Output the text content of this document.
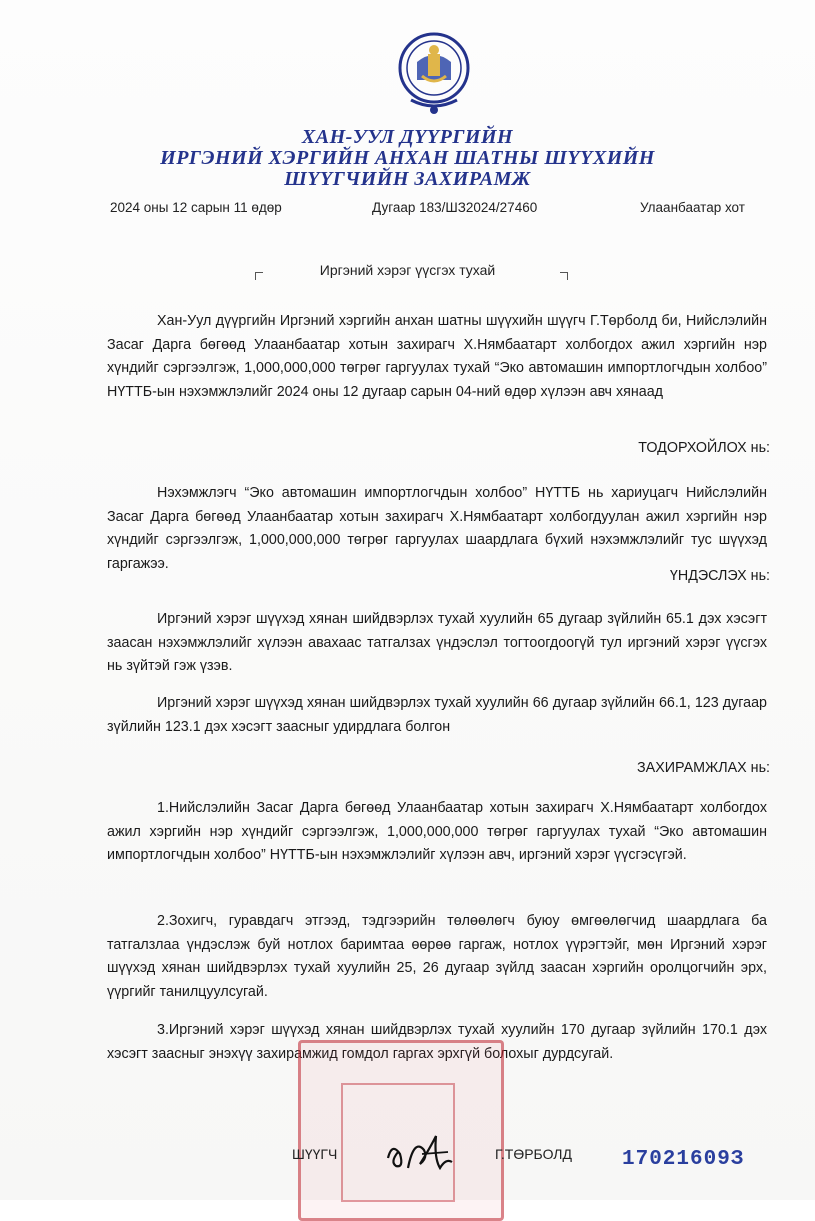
ХАН-УУЛ ДҮҮРГИЙН
ИРГЭНИЙ ХЭРГИЙН АНХАН ШАТНЫ ШҮҮХИЙН
ШҮҮГЧИЙН ЗАХИРАМЖ
2024 оны 12 сарын 11 өдөр	Дугаар 183/ШЗ2024/27460	Улаанбаатар хот
Иргэний хэрэг үүсгэх тухай

Хан-Уул дүүргийн Иргэний хэргийн анхан шатны шүүхийн шүүгч Г.Төрболд би, Нийслэлийн Засаг Дарга бөгөөд Улаанбаатар хотын захирагч Х.Нямбаатарт холбогдох ажил хэргийн нэр хүндийг сэргээлгэж, 1,000,000,000 төгрөг гаргуулах тухай “Эко автомашин импортлогчдын холбоо” НҮТТБ-ын нэхэмжлэлийг 2024 оны 12 дугаар сарын 04-ний өдөр хүлээн авч хянаад

ТОДОРХОЙЛОХ нь:

Нэхэмжлэгч “Эко автомашин импортлогчдын холбоо” НҮТТБ нь хариуцагч Нийслэлийн Засаг Дарга бөгөөд Улаанбаатар хотын захирагч Х.Нямбаатарт холбогдуулан ажил хэргийн нэр хүндийг сэргээлгэж, 1,000,000,000 төгрөг гаргуулах шаардлага бүхий нэхэмжлэлийг тус шүүхэд гаргажээ.

ҮНДЭСЛЭХ нь:

Иргэний хэрэг шүүхэд хянан шийдвэрлэх тухай хуулийн 65 дугаар зүйлийн 65.1 дэх хэсэгт заасан нэхэмжлэлийг хүлээн авахаас татгалзах үндэслэл тогтоогдоогүй тул иргэний хэрэг үүсгэх нь зүйтэй гэж үзэв.

Иргэний хэрэг шүүхэд хянан шийдвэрлэх тухай хуулийн 66 дугаар зүйлийн 66.1, 123 дугаар зүйлийн 123.1 дэх хэсэгт заасныг удирдлага болгон

ЗАХИРАМЖЛАХ нь:

1.Нийслэлийн Засаг Дарга бөгөөд Улаанбаатар хотын захирагч Х.Нямбаатарт холбогдох ажил хэргийн нэр хүндийг сэргээлгэж, 1,000,000,000 төгрөг гаргуулах тухай “Эко автомашин импортлогчдын холбоо” НҮТТБ-ын нэхэмжлэлийг хүлээн авч, иргэний хэрэг үүсгэсүгэй.

2.Зохигч, гуравдагч этгээд, тэдгээрийн төлөөлөгч буюу өмгөөлөгчид шаардлага ба татгалзлаа үндэслэж буй нотлох баримтаа өөрөө гаргаж, нотлох үүрэгтэйг, мөн Иргэний хэрэг шүүхэд хянан шийдвэрлэх тухай хуулийн 25, 26 дугаар зүйлд заасан хэргийн оролцогчийн эрх, үүргийг танилцуулсугай.

3.Иргэний хэрэг шүүхэд хянан шийдвэрлэх тухай хуулийн 170 дугаар зүйлийн 170.1 дэх хэсэгт заасныг энэхүү захирамжид гомдол гаргах эрхгүй болохыг дурдсугай.

ШҮҮГЧ	Г.ТӨРБОЛД 17021609З
